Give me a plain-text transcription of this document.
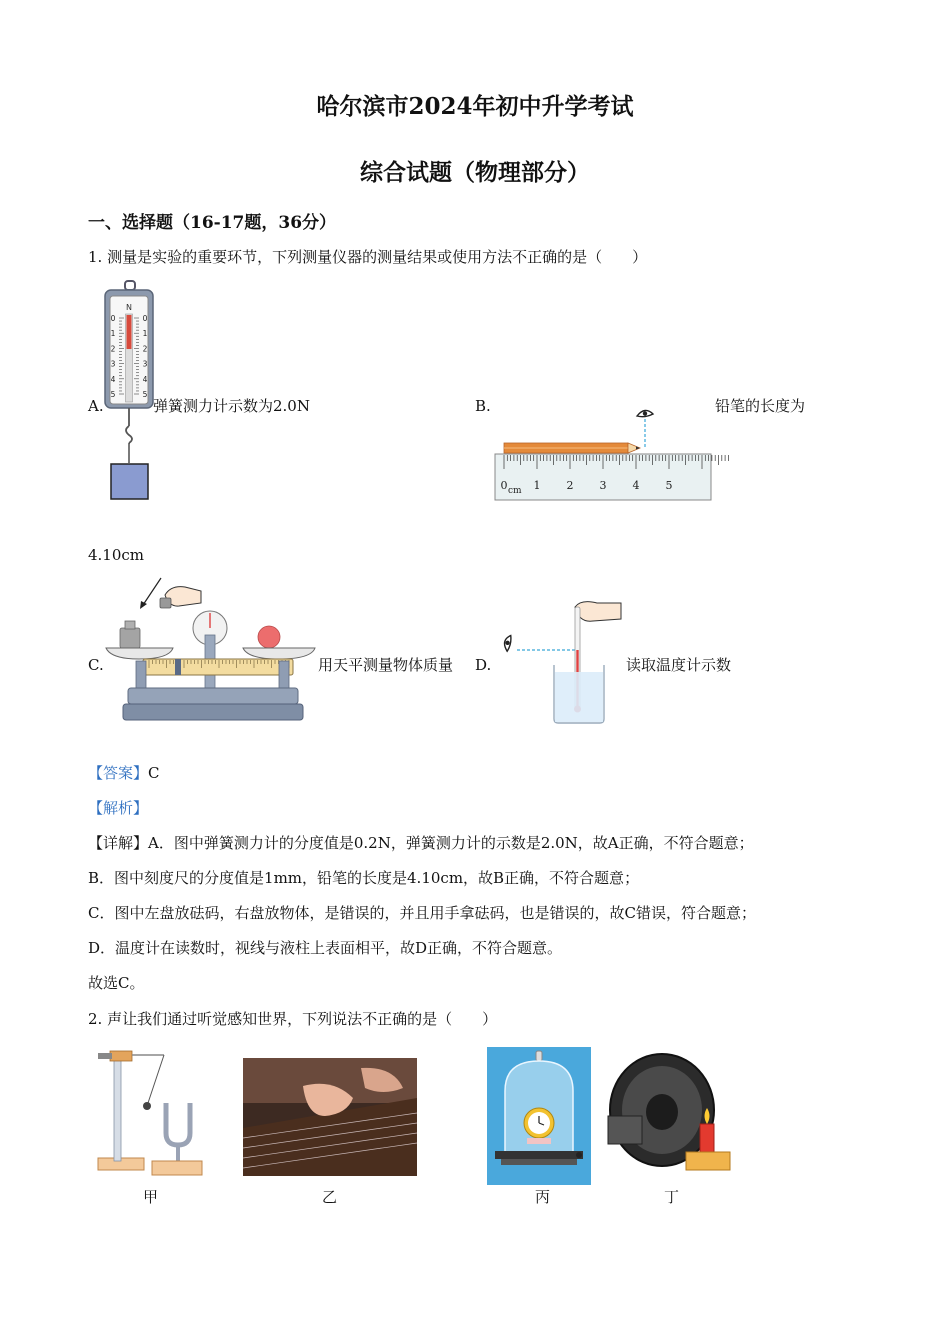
哈尔滨市2024年初中升学考试
综合试题（物理部分）
一、选择题（16-17题，36分）
1. 测量是实验的重要环节，下列测量仪器的测量结果或使用方法不正确的是（　　）
A.
N
0	0
1	1
2	2
3	3
4	4
5	5
弹簧测力计示数为2.0N	B.
0 1 2 3 4 5
cm
铅笔的长度为
4.10cm
C.	用天平测量物体质量 D.	读取温度计示数
【答案】C
【解析】
【详解】A．图中弹簧测力计的分度值是0.2N，弹簧测力计的示数是2.0N，故A正确，不符合题意；
B．图中刻度尺的分度值是1mm，铅笔的长度是4.10cm，故B正确，不符合题意；
C．图中左盘放砝码，右盘放物体，是错误的，并且用手拿砝码，也是错误的，故C错误，符合题意；
D．温度计在读数时，视线与液柱上表面相平，故D正确，不符合题意。
故选C。
2. 声让我们通过听觉感知世界，下列说法不正确的是（　　）
甲	乙	丙	丁
